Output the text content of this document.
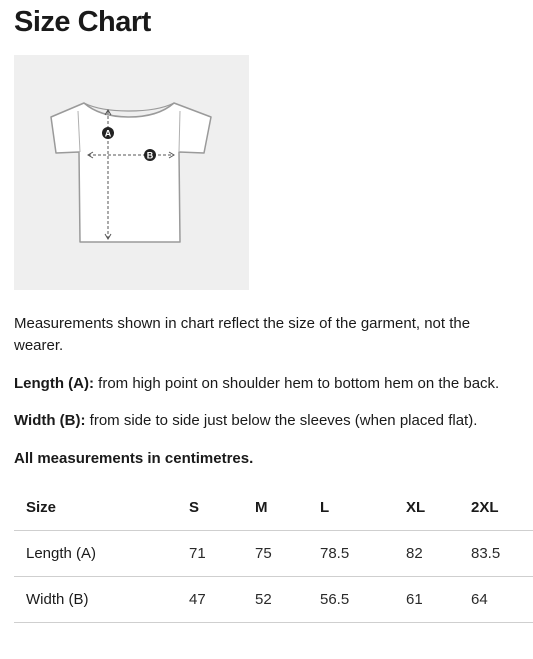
Size Chart
A
B

Measurements shown in chart reflect the size of the garment, not the wearer.

Length (A): from high point on shoulder hem to bottom hem on the back.

Width (B): from side to side just below the sleeves (when placed flat).

All measurements in centimetres.

Size	S	M	L	XL	2XL
Length (A)	71	75	78.5	82	83.5
Width (B)	47	52	56.5	61	64
